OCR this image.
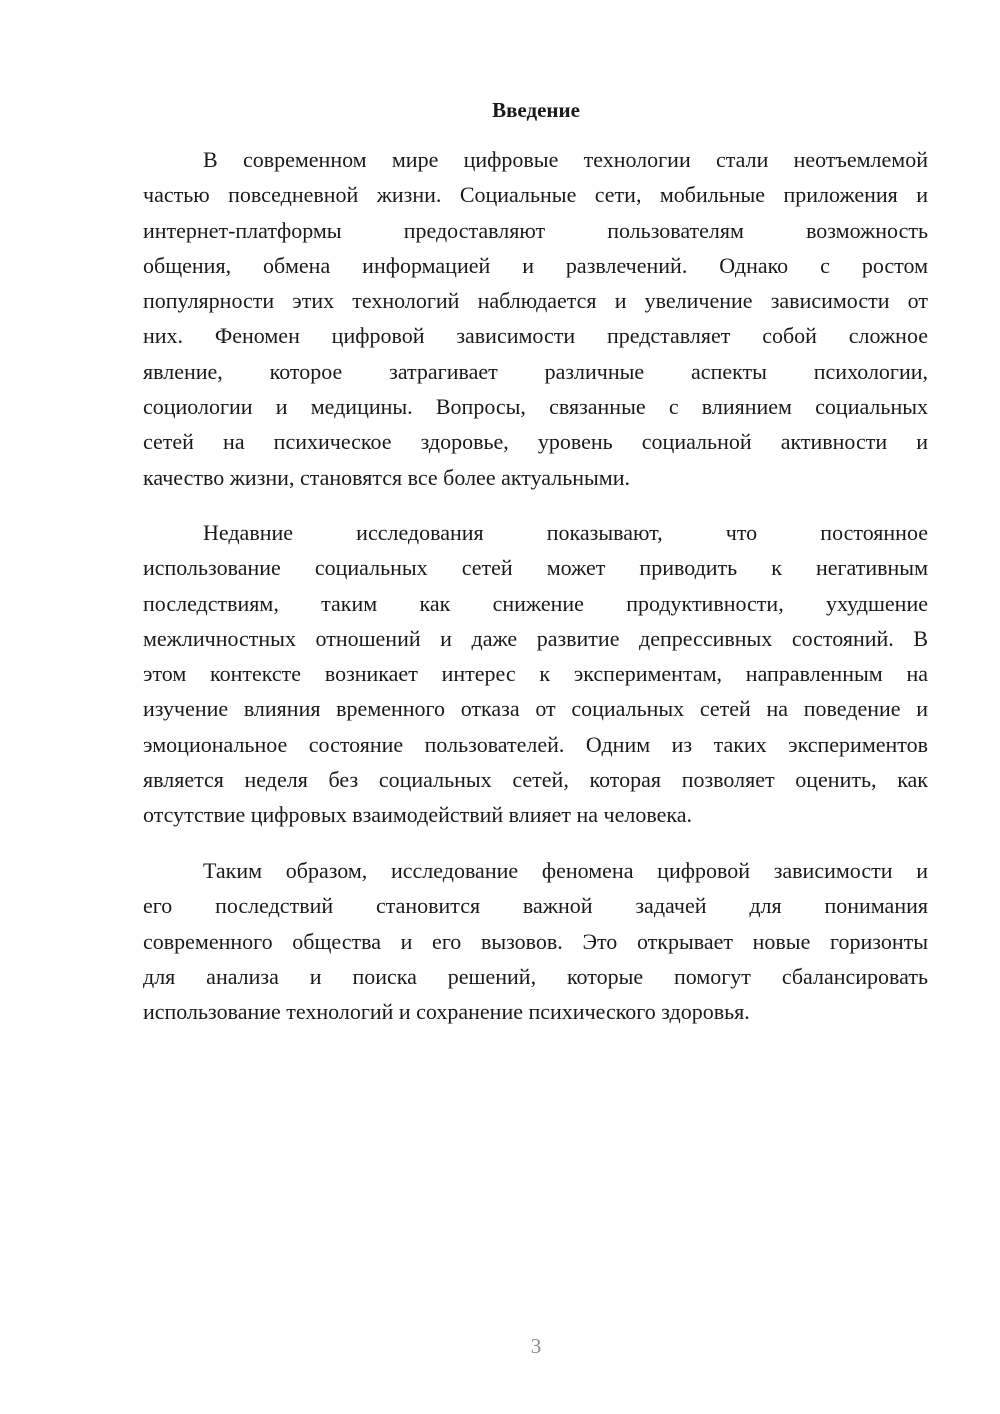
Введение
В современном мире цифровые технологии стали неотъемлемой
частью повседневной жизни. Социальные сети, мобильные приложения и
интернет-платформы предоставляют пользователям возможность
общения, обмена информацией и развлечений. Однако с ростом
популярности этих технологий наблюдается и увеличение зависимости от
них. Феномен цифровой зависимости представляет собой сложное
явление, которое затрагивает различные аспекты психологии,
социологии и медицины. Вопросы, связанные с влиянием социальных
сетей на психическое здоровье, уровень социальной активности и
качество жизни, становятся все более актуальными.
Недавние исследования показывают, что постоянное
использование социальных сетей может приводить к негативным
последствиям, таким как снижение продуктивности, ухудшение
межличностных отношений и даже развитие депрессивных состояний. В
этом контексте возникает интерес к экспериментам, направленным на
изучение влияния временного отказа от социальных сетей на поведение и
эмоциональное состояние пользователей. Одним из таких экспериментов
является неделя без социальных сетей, которая позволяет оценить, как
отсутствие цифровых взаимодействий влияет на человека.
Таким образом, исследование феномена цифровой зависимости и
его последствий становится важной задачей для понимания
современного общества и его вызовов. Это открывает новые горизонты
для анализа и поиска решений, которые помогут сбалансировать
использование технологий и сохранение психического здоровья.
3
